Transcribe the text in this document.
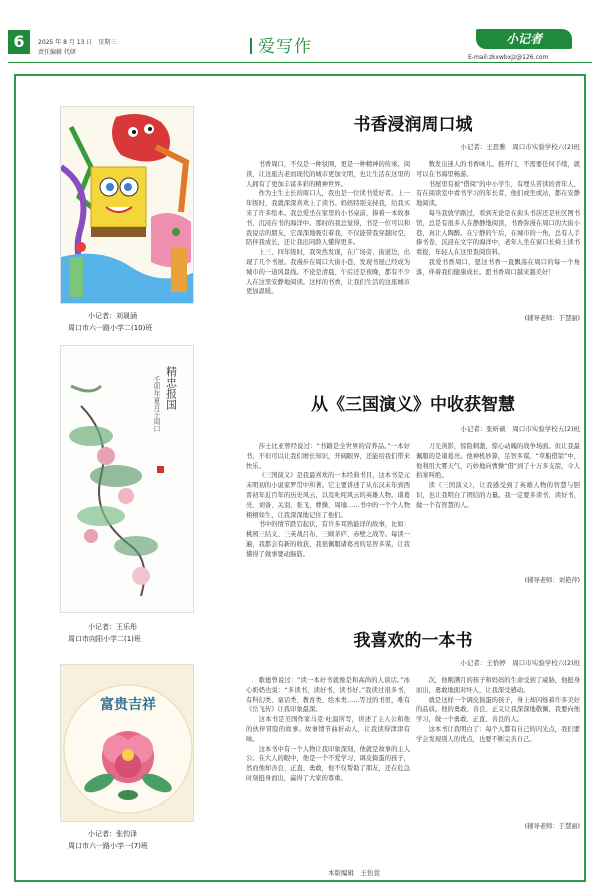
6	2025 年 8 月 13 日　星期三
责任编辑 代研	爱写作	小记者
E-mail:zkxwbxjz@126.com
小记者：刘晟涵
周口市六一路小学二(10)班
精忠报国
壬卯年夏月于周口
小记者：王乐彤
周口市向阳小学二(1)班
富贵吉祥
小记者：张钧泽
周口市六一路小学一(7)班
书香浸润周口城
小记者：王思雅　周口市实验学校六(2)班

书香周口，不仅是一种氛围，更是一种精神的传承。阅读，让这座古老而现代的城市更加文明，也让生活在这里的人拥有了更加丰富多彩的精神世界。

作为土生土长的周口人，我也是一位读书爱好者。上一年级时，我就深深喜欢上了读书。妈妈特别支持我，给我买来了许多绘本。我总爱坐在家里的小书桌前，捧着一本故事书，沉浸在书的海洋中。那时的我总觉得，书是一位可以和我说话的朋友，它深深地吸引着我，不仅能带我穿越时空，陪伴我成长，还让我出同龄人懂得更多。

上三、四年级时，我突然发现，在广场旁、街道边，出现了几个书屋。我漫步在周口大街小巷，发现书屋已经成为城市的一道风景线。不论是清晨、午后还是夜晚，都有不少人在这里安静地阅读。这样的书香，让我们生活的这座城市更加温暖。

数发出迷人的书香味儿。推开门，不需要任何手续，就可以在书海里畅游。

书屋里有被“借阅”的中小学生，有埋头苦读的青年人，有在阅读室中看书学习的年长者，他们或坐或站，都在安静地阅读。

每当我放学路过，看到无论是在街头书店还是社区图书馆，总是有很多人在静静地阅读，书香弥漫在周口的大街小巷，真让人陶醉。在宁静的午后，在城市的一角，总有人手捧书卷，沉浸在文字的海洋中，老年人坐在窗口长椅上读书看报，年轻人在这里查阅资料。

我爱书香周口，愿这书香一直飘荡在周口的每一个角落，伴着我们健康成长。愿书香周口越来越美好！

(辅导老师：于慧丽)
从《三国演义》中收获智慧
小记者：张昕硕　周口市实验学校五(2)班

莎士比亚曾经说过：“书籍是全世界的营养品。”一本好书，不但可以让我们增长知识，开阔眼界，还能给我们带来快乐。

《三国演义》是我最喜欢的一本经典书目，这本书是元末明初的小说家罗贯中所著。它主要讲述了从东汉末年到西晋初年近百年的历史风云，以及叱咤风云的英雄人物。诸葛亮、刘备、关羽、张飞、曹操、周瑜……书中的一个个人物栩栩如生，让我深深地记住了他们。

书中的情节跌宕起伏，有许多耳熟能详的故事，比如：桃园三结义、三英战吕布、三顾茅庐、赤壁之战等。每读一遍，我都会有新的收获，我很佩服诸葛亮的足智多谋，让我懂得了做事要动脑筋。

刀光剑影，惊险刺激，惊心动魄的战争场面。但让我最佩服的是诸葛亮。他神机妙算，足智多谋。“草船借箭”中，他利用大雾天气，巧妙地向曹操“借”到了十万多支箭，令人拍案叫绝。

读《三国演义》，让我感受到了英雄人物的智慧与胆识，也让我明白了团结的力量。我一定要多读书，读好书，做一个有智慧的人。

(辅导老师：刘艳萍)
我喜欢的一本书
小记者：王恰婷　周口市实验学校六(2)班

歌德曾说过：“读一本好书就像是和高尚的人谈话。”冰心奶奶也说：“多读书，读好书，读书好。”我读过很多书，有科幻类、童话类、教育类、绘本类……等过的书里，唯有《岳飞传》让我印象最深。

这本书是美国作家马克·吐温所写，讲述了主人公和他的伙伴冒险的故事。故事情节曲折动人，让我读得津津有味。

这本书中有一个人物让我印象深刻，他就是故事的主人公。在大人的眼中，他是一个不爱学习、调皮捣蛋的孩子，然而他却善良、正直、勇敢，他不仅帮助了朋友，还在危急时刻挺身而出，赢得了大家的尊重。

次，他刚满月的孩子和妈妈的生命受到了威胁，他挺身而出，勇敢地面对坏人，让我深受感动。

就是这样一个调皮捣蛋的孩子，身上却闪烁着许多美好的品质。他的勇敢、善良、正义让我深深地敬佩，我要向他学习，做一个勇敢、正直、善良的人。

这本书让我明白了：每个人都有自己的闪光点，我们要学会发现别人的优点，也要不断完善自己。

(辅导老师：于慧丽)
本版编辑　王怡萱
